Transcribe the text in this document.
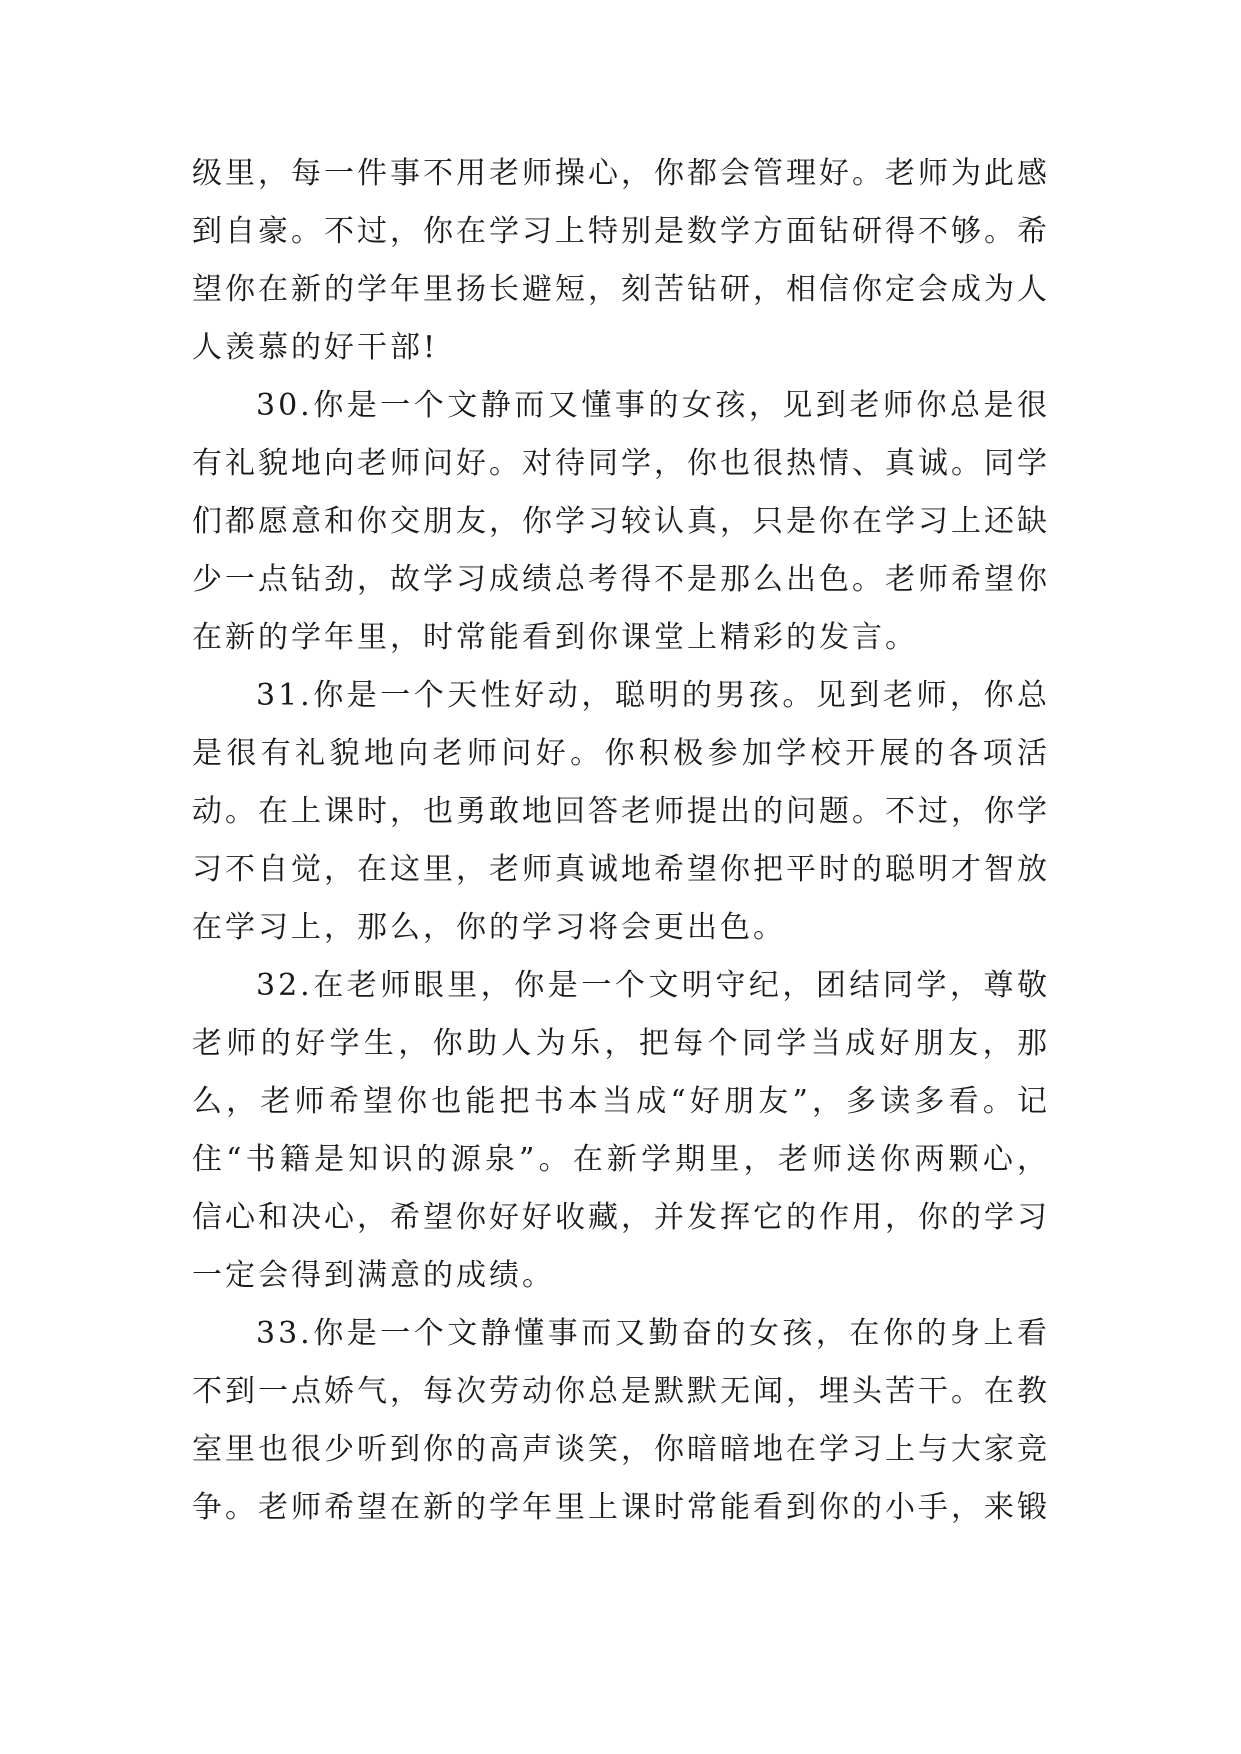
级里，每一件事不用老师操心，你都会管理好。老师为此感到自豪。不过，你在学习上特别是数学方面钻研得不够。希望你在新的学年里扬长避短，刻苦钻研，相信你定会成为人人羡慕的好干部!

30.你是一个文静而又懂事的女孩，见到老师你总是很有礼貌地向老师问好。对待同学，你也很热情、真诚。同学们都愿意和你交朋友，你学习较认真，只是你在学习上还缺少一点钻劲，故学习成绩总考得不是那么出色。老师希望你在新的学年里，时常能看到你课堂上精彩的发言。

31.你是一个天性好动，聪明的男孩。见到老师，你总是很有礼貌地向老师问好。你积极参加学校开展的各项活动。在上课时，也勇敢地回答老师提出的问题。不过，你学习不自觉，在这里，老师真诚地希望你把平时的聪明才智放在学习上，那么，你的学习将会更出色。

32.在老师眼里，你是一个文明守纪，团结同学，尊敬老师的好学生，你助人为乐，把每个同学当成好朋友，那么，老师希望你也能把书本当成“好朋友”，多读多看。记住“书籍是知识的源泉”。在新学期里，老师送你两颗心，信心和决心，希望你好好收藏，并发挥它的作用，你的学习一定会得到满意的成绩。

33.你是一个文静懂事而又勤奋的女孩，在你的身上看不到一点娇气，每次劳动你总是默默无闻，埋头苦干。在教室里也很少听到你的高声谈笑，你暗暗地在学习上与大家竞争。老师希望在新的学年里上课时常能看到你的小手，来锻
